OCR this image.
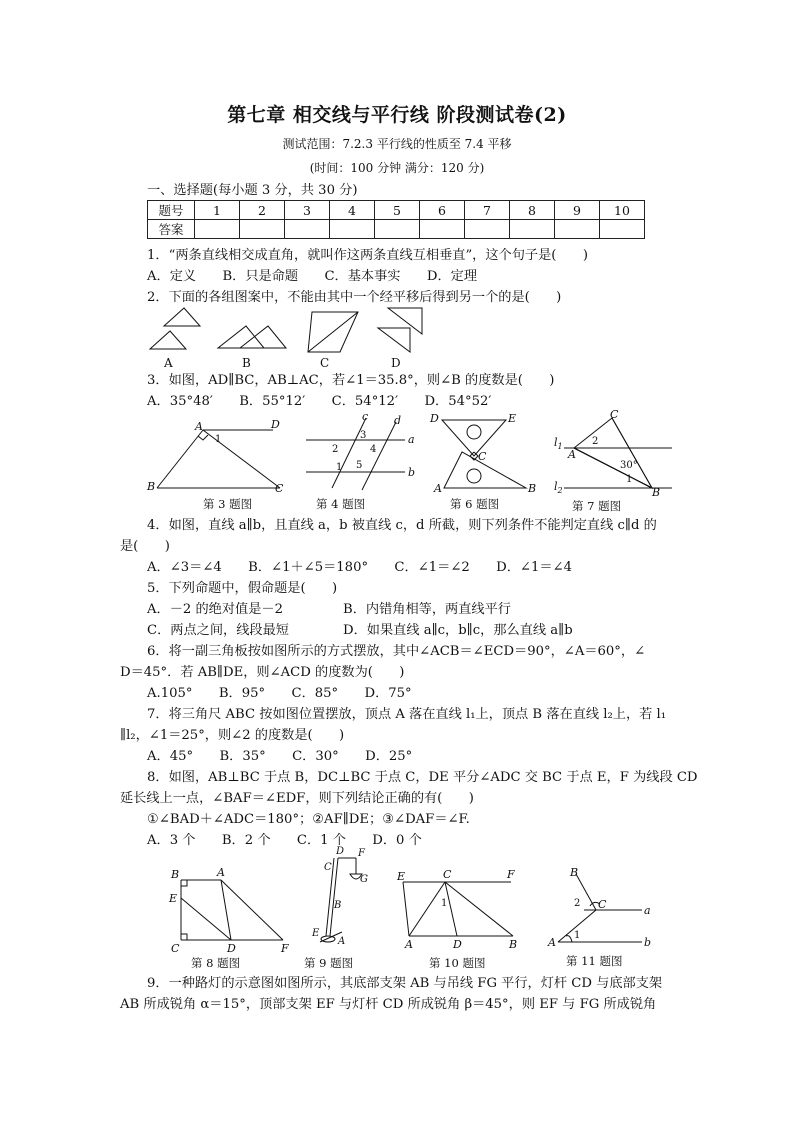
第七章 相交线与平行线 阶段测试卷(2)
测试范围：7.2.3 平行线的性质至 7.4 平移
(时间：100 分钟 满分：120 分)
一、选择题(每小题 3 分，共 30 分)
题号	1	2	3	4	5	6	7	8	9	10
答案										
1．“两条直线相交成直角，就叫作这两条直线互相垂直”，这个句子是(　　)
A．定义　　B．只是命题　　C．基本事实　　D．定理
2．下面的各组图案中，不能由其中一个经平移后得到另一个的是(　　)
A	B	C	D
3．如图，AD∥BC，AB⊥AC，若∠1＝35.8°，则∠B 的度数是(　　)
A．35°48′　　B．55°12′　　C．54°12′　　D．54°52′
A
1
D
B	C
第 3 题图
c d
3
2	4
a
1 5
b
第 4 题图
D	E
A	B
C
第 6 题图
C
2
A
30°
1
B
$l_1$
$l_2$
第 7 题图
4．如图，直线 a∥b，且直线 a，b 被直线 c，d 所截，则下列条件不能判定直线 c∥d 的
是(　　)
A．∠3＝∠4　　B．∠1＋∠5＝180°　　C．∠1＝∠2　　D．∠1＝∠4
5．下列命题中，假命题是(　　)
A．－2 的绝对值是－2	B．内错角相等，两直线平行
C．两点之间，线段最短	D．如果直线 a∥c，b∥c，那么直线 a∥b
6．将一副三角板按如图所示的方式摆放，其中∠ACB＝∠ECD＝90°，∠A＝60°，∠
D＝45°．若 AB∥DE，则∠ACD 的度数为(　　)
A.105°　　B．95°　　C．85°　　D．75°
7．将三角尺 ABC 按如图位置摆放，顶点 A 落在直线 l₁上，顶点 B 落在直线 l₂上，若 l₁
∥l₂，∠1＝25°，则∠2 的度数是(　　)
A．45°　　B．35°　　C．30°　　D．25°
8．如图，AB⊥BC 于点 B，DC⊥BC 于点 C，DE 平分∠ADC 交 BC 于点 E，F 为线段 CD
延长线上一点，∠BAF＝∠EDF，则下列结论正确的有(　　)
①∠BAD＋∠ADC＝180°；②AF∥DE；③∠DAF＝∠F.
A．3 个　　B．2 个　　C．1 个　　D．0 个
B	A
E
C	D	F
第 8 题图
D F
G
C
B
E
A
第 9 题图
E	C	F
1
A	D	B
第 10 题图
B
2 C	a
A
1
b
第 11 题图
9．一种路灯的示意图如图所示，其底部支架 AB 与吊线 FG 平行，灯杆 CD 与底部支架
AB 所成锐角 α＝15°，顶部支架 EF 与灯杆 CD 所成锐角 β＝45°，则 EF 与 FG 所成锐角
